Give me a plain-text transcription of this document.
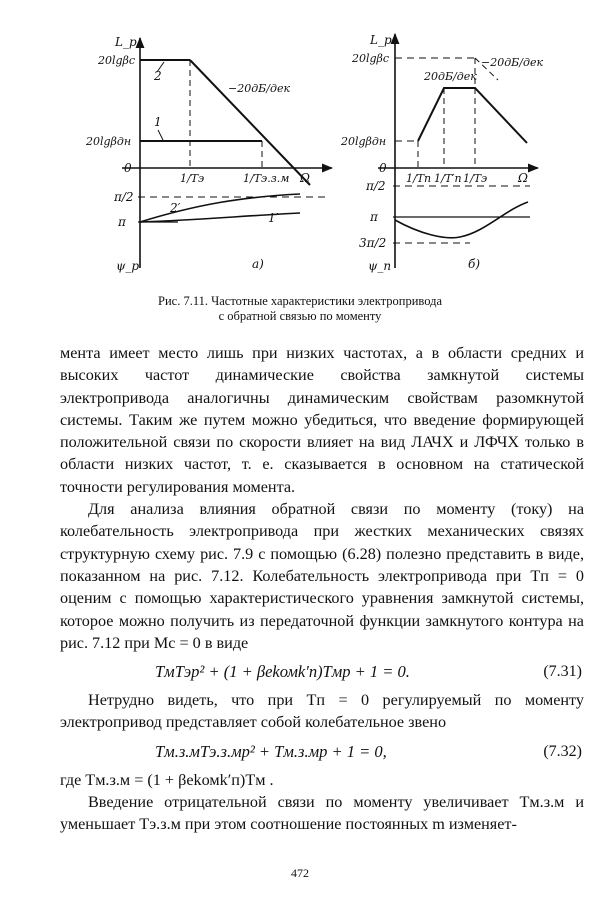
L_p
20lgβc
2
−20дБ/дек
1
20lgβдн
0
1/Tэ	1/Tэ.з.м Ω
π/2
2′
1′
π
ψ_p	а)
L_p
20lgβc	−20дБ/дек
20дБ/дек
20lgβдн
0
1/Tп 1/T′п 1/Tэ	Ω
π/2
π
3π/2
ψ_п	б)
Рис. 7.11. Частотные характеристики электропривода
с обратной связью по моменту

мента имеет место лишь при низких частотах, а в области средних и высоких частот динамические свойства замкнутой системы электропривода аналогичны динамическим свойствам разомкнутой системы. Таким же путем можно убедиться, что введение формирующей положительной связи по скорости влияет на вид ЛАЧХ и ЛФЧХ только в области низких частот, т. е. сказывается в основном на статической точности регулирования момента.

Для анализа влияния обратной связи по моменту (току) на колебательность электропривода при жестких механических связях структурную схему рис. 7.9 с помощью (6.28) полезно представить в виде, показанном на рис. 7.12. Колебательность электропривода при Tп = 0 оценим с помощью характеристического уравнения замкнутой системы, которое можно получить из передаточной функции замкнутого контура на рис. 7.12 при Mс = 0 в виде

TмTэp² + (1 + βеkомk′п)Tмp + 1 = 0.	(7.31)

Нетрудно видеть, что при Tп = 0 регулируемый по моменту электропривод представляет собой колебательное звено

Tм.з.мTэ.з.мp² + Tм.з.мp + 1 = 0,	(7.32)

где Tм.з.м = (1 + βеkомk′п)Tм .

Введение отрицательной связи по моменту увеличивает Tм.з.м и уменьшает Tэ.з.м при этом соотношение постоянных m изменяет-

472
